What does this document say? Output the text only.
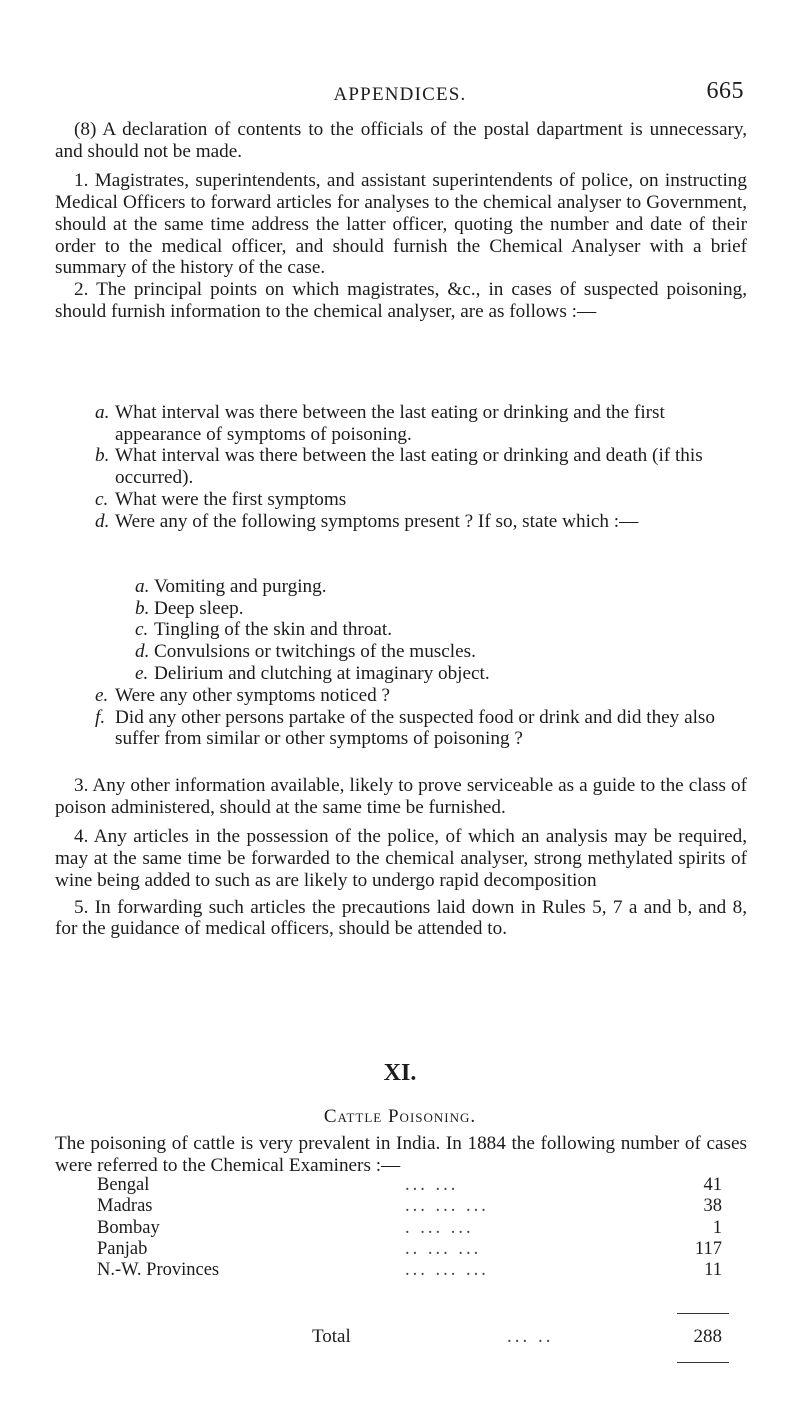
APPENDICES.	665

(8) A declaration of contents to the officials of the postal dapartment is unnecessary, and should not be made.

1. Magistrates, superintendents, and assistant superintendents of police, on instructing Medical Officers to forward articles for analyses to the chemical analyser to Government, should at the same time address the latter officer, quoting the number and date of their order to the medical officer, and should furnish the Chemical Analyser with a brief summary of the history of the case.

2. The principal points on which magistrates, &c., in cases of suspected poisoning, should furnish information to the chemical analyser, are as follows :—

a. What interval was there between the last eating or drinking and the first appearance of symptoms of poisoning.
b. What interval was there between the last eating or drinking and death (if this occurred).
c. What were the first symptoms
d. Were any of the following symptoms present ? If so, state which :—
a. Vomiting and purging.
b. Deep sleep.
c. Tingling of the skin and throat.
d. Convulsions or twitchings of the muscles.
e. Delirium and clutching at imaginary object.
e. Were any other symptoms noticed ?
f. Did any other persons partake of the suspected food or drink and did they also suffer from similar or other symptoms of poisoning ?

3. Any other information available, likely to prove serviceable as a guide to the class of poison administered, should at the same time be furnished.

4. Any articles in the possession of the police, of which an analysis may be required, may at the same time be forwarded to the chemical analyser, strong methylated spirits of wine being added to such as are likely to undergo rapid decomposition

5. In forwarding such articles the precautions laid down in Rules 5, 7 a and b, and 8, for the guidance of medical officers, should be attended to.

XI.
Cattle Poisoning.
The poisoning of cattle is very prevalent in India. In 1884 the following number of cases were referred to the Chemical Examiners :—
Bengal	... ...	41
Madras	... ... ...	38
Bombay	. ... ...	1
Panjab	.. ... ...	117
N.-W. Provinces	... ... ...	11
Total	... ..	288
